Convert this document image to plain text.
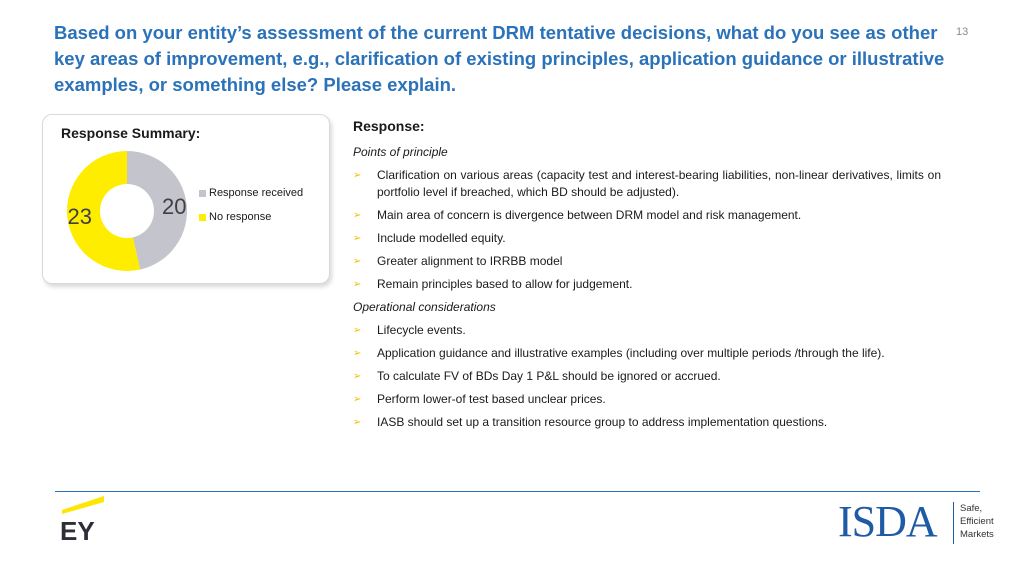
Based on your entity’s assessment of the current DRM tentative decisions, what do you see as other key areas of improvement, e.g., clarification of existing principles, application guidance or illustrative examples, or something else? Please explain.
13
Response Summary:
20
23
Response received
No response
Response:
Points of principle
➢	Clarification on various areas (capacity test and interest-bearing liabilities, non-linear derivatives, limits on portfolio level if breached, which BD should be adjusted).
➢	Main area of concern is divergence between DRM model and risk management.
➢	Include modelled equity.
➢	Greater alignment to IRRBB model
➢	Remain principles based to allow for judgement.
Operational considerations
➢	Lifecycle events.
➢	Application guidance and illustrative examples (including over multiple periods /through the life).
➢	To calculate FV of BDs Day 1 P&L should be ignored or accrued.
➢	Perform lower-of test based unclear prices.
➢	IASB should set up a transition resource group to address implementation questions.
EY	ISDA Safe,
Efficient
Markets
